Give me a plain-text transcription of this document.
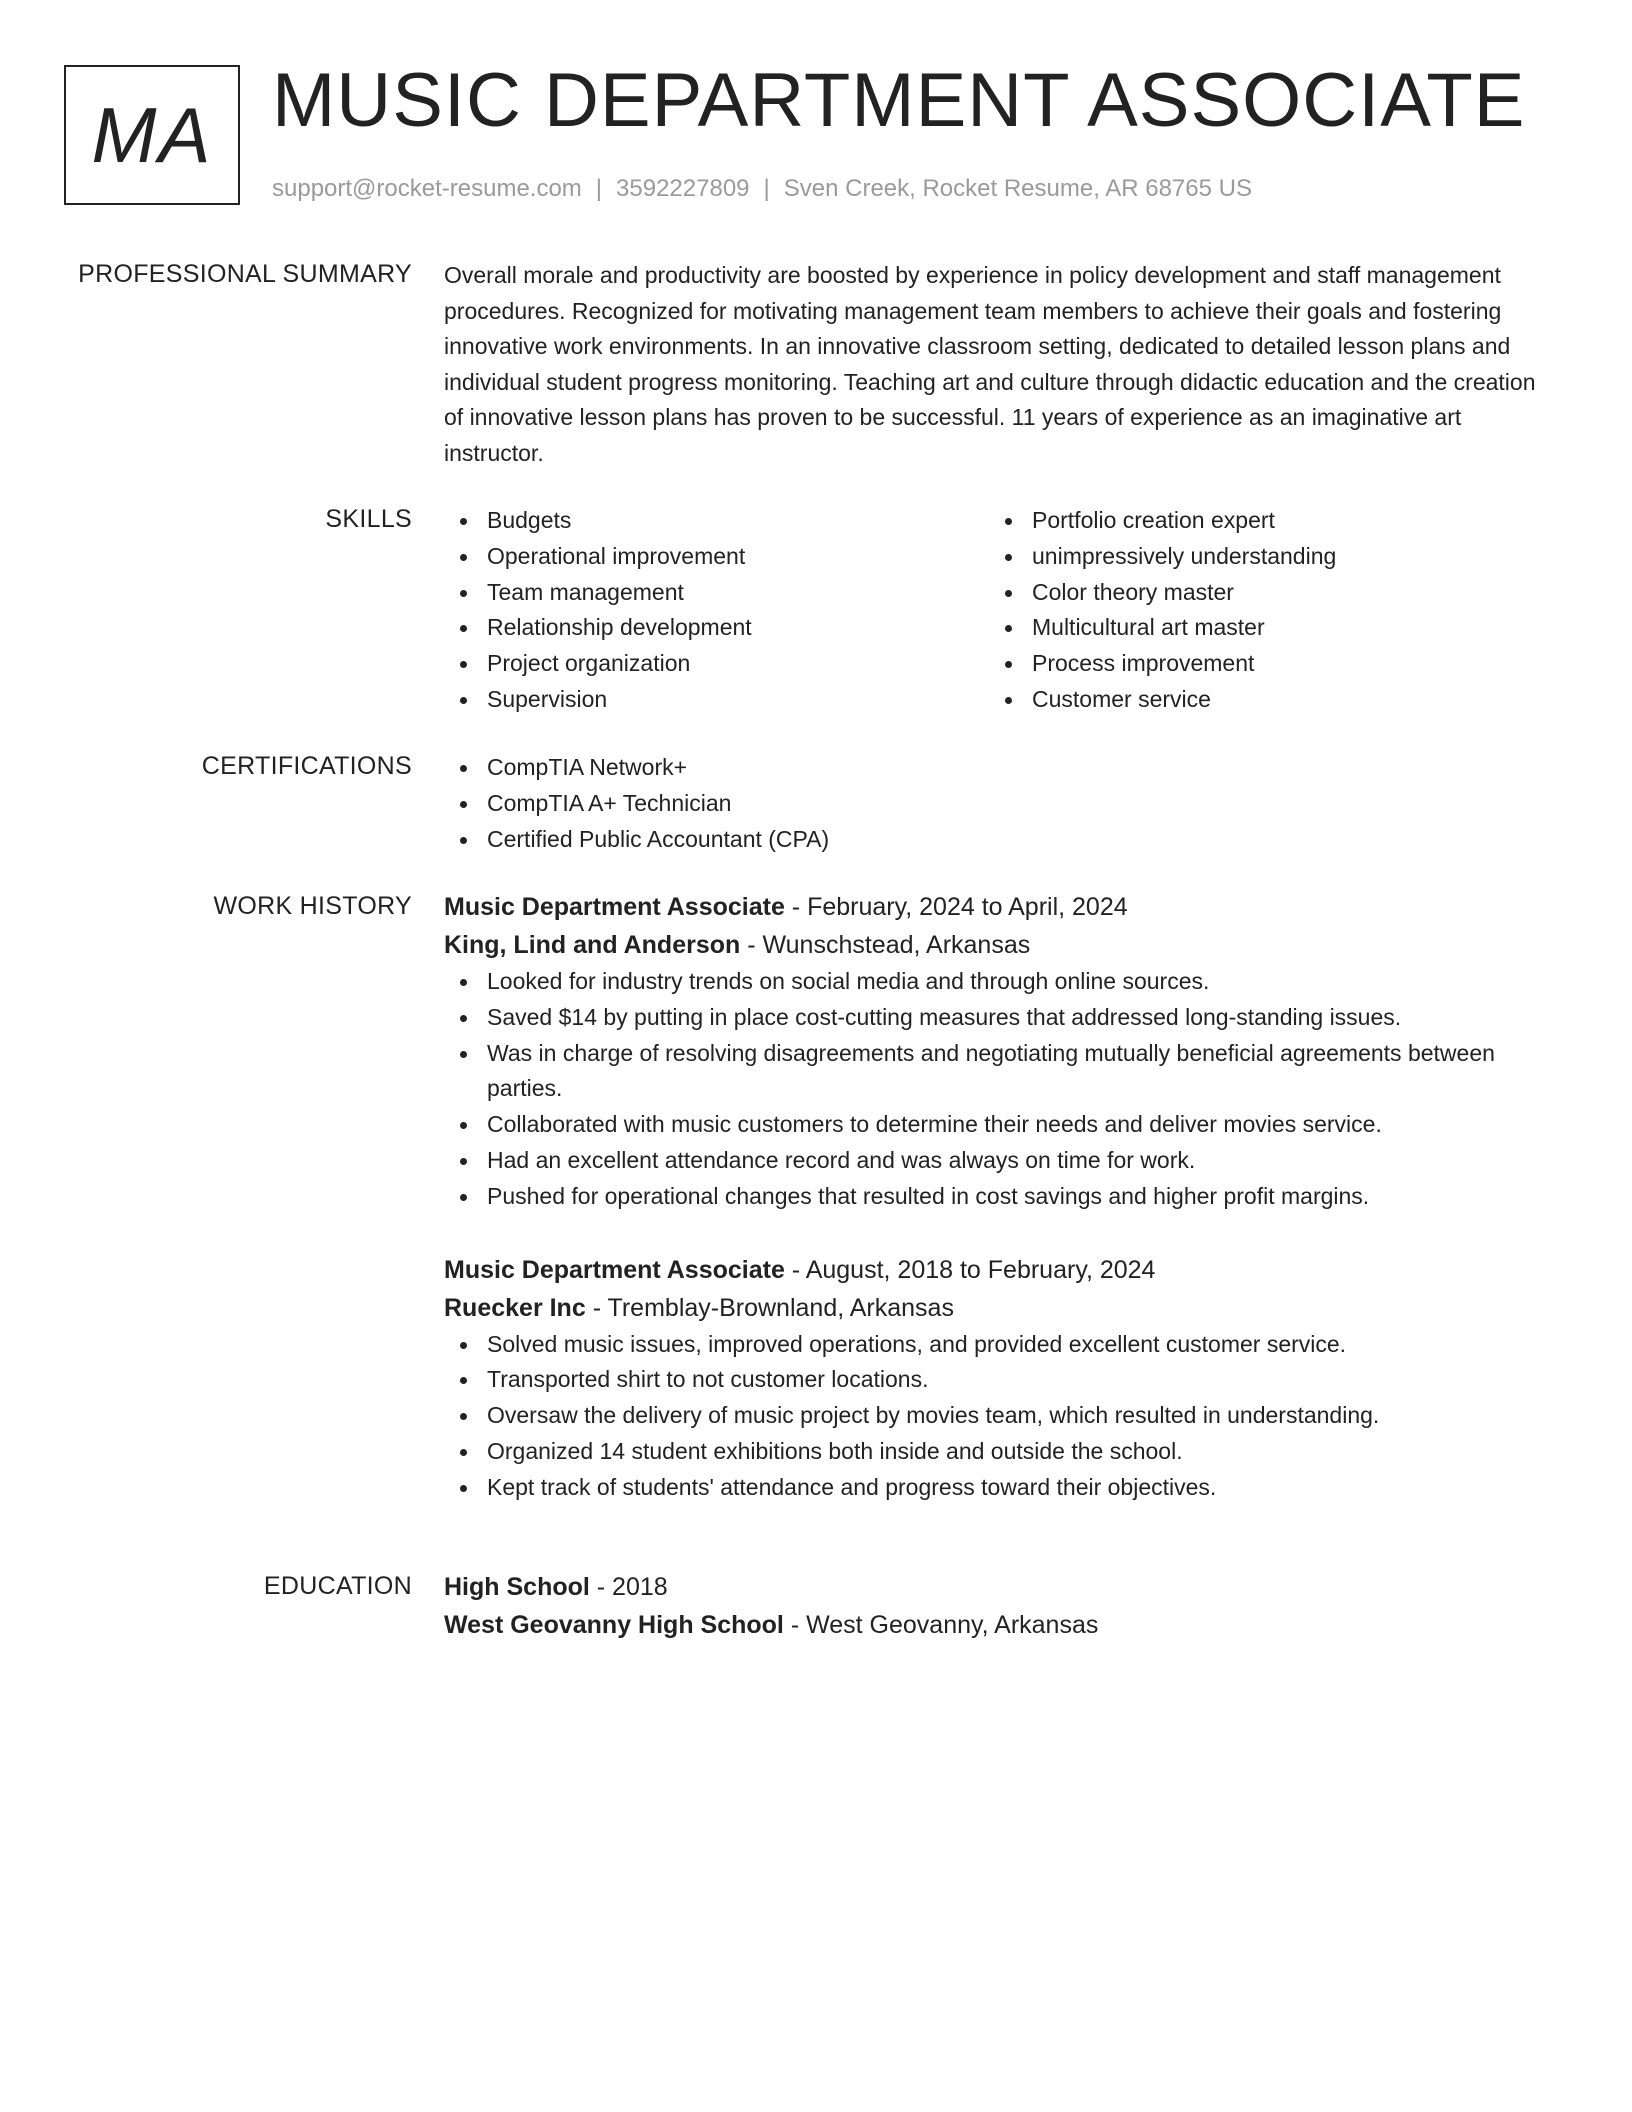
MA MUSIC DEPARTMENT ASSOCIATE
support@rocket-resume.com | 3592227809 | Sven Creek, Rocket Resume, AR 68765 US
PROFESSIONAL SUMMARY Overall morale and productivity are boosted by experience in policy development and staff management procedures. Recognized for motivating management team members to achieve their goals and fostering innovative work environments. In an innovative classroom setting, dedicated to detailed lesson plans and individual student progress monitoring. Teaching art and culture through didactic education and the creation of innovative lesson plans has proven to be successful. 11 years of experience as an imaginative art instructor.

SKILLS	Budgets
Operational improvement
Team management
Relationship development
Project organization
Supervision
Portfolio creation expert
unimpressively understanding
Color theory master
Multicultural art master
Process improvement
Customer service
CERTIFICATIONS	CompTIA Network+
CompTIA A+ Technician
Certified Public Accountant (CPA)
WORK HISTORY Music Department Associate - February, 2024 to April, 2024
King, Lind and Anderson - Wunschstead, Arkansas
Looked for industry trends on social media and through online sources.
Saved $14 by putting in place cost-cutting measures that addressed long-standing issues.
Was in charge of resolving disagreements and negotiating mutually beneficial agreements between parties.
Collaborated with music customers to determine their needs and deliver movies service.
Had an excellent attendance record and was always on time for work.
Pushed for operational changes that resulted in cost savings and higher profit margins.
Music Department Associate - August, 2018 to February, 2024
Ruecker Inc - Tremblay-Brownland, Arkansas
Solved music issues, improved operations, and provided excellent customer service.
Transported shirt to not customer locations.
Oversaw the delivery of music project by movies team, which resulted in understanding.
Organized 14 student exhibitions both inside and outside the school.
Kept track of students' attendance and progress toward their objectives.
EDUCATION High School - 2018
West Geovanny High School - West Geovanny, Arkansas
